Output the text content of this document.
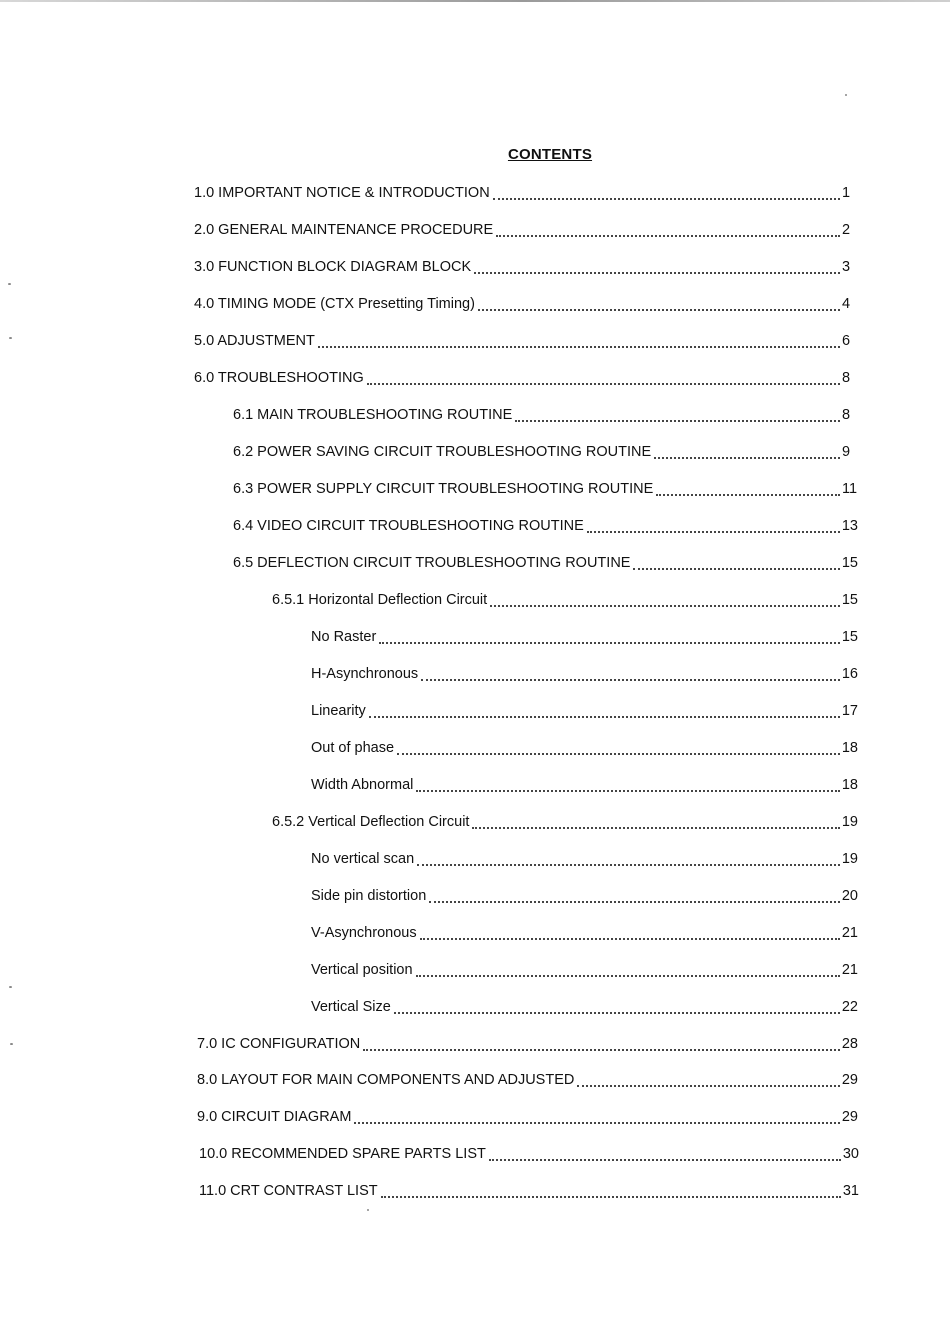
CONTENTS
1.0 IMPORTANT NOTICE & INTRODUCTION	1
2.0 GENERAL MAINTENANCE PROCEDURE	2
3.0 FUNCTION BLOCK DIAGRAM BLOCK	3
4.0 TIMING MODE (CTX Presetting Timing)	4
5.0 ADJUSTMENT	6
6.0 TROUBLESHOOTING	8
6.1 MAIN TROUBLESHOOTING ROUTINE	8
6.2 POWER SAVING CIRCUIT TROUBLESHOOTING ROUTINE	9
6.3 POWER SUPPLY CIRCUIT TROUBLESHOOTING ROUTINE	11
6.4 VIDEO CIRCUIT TROUBLESHOOTING ROUTINE	13
6.5 DEFLECTION CIRCUIT TROUBLESHOOTING ROUTINE	15
6.5.1 Horizontal Deflection Circuit	15
No Raster	15
H-Asynchronous	16
Linearity	17
Out of phase	18
Width Abnormal	18
6.5.2 Vertical Deflection Circuit	19
No vertical scan	19
Side pin distortion	20
V-Asynchronous	21
Vertical position	21
Vertical Size	22
7.0 IC CONFIGURATION	28
8.0 LAYOUT FOR MAIN COMPONENTS AND ADJUSTED	29
9.0 CIRCUIT DIAGRAM	29
10.0 RECOMMENDED SPARE PARTS LIST	30
11.0 CRT CONTRAST LIST	31
